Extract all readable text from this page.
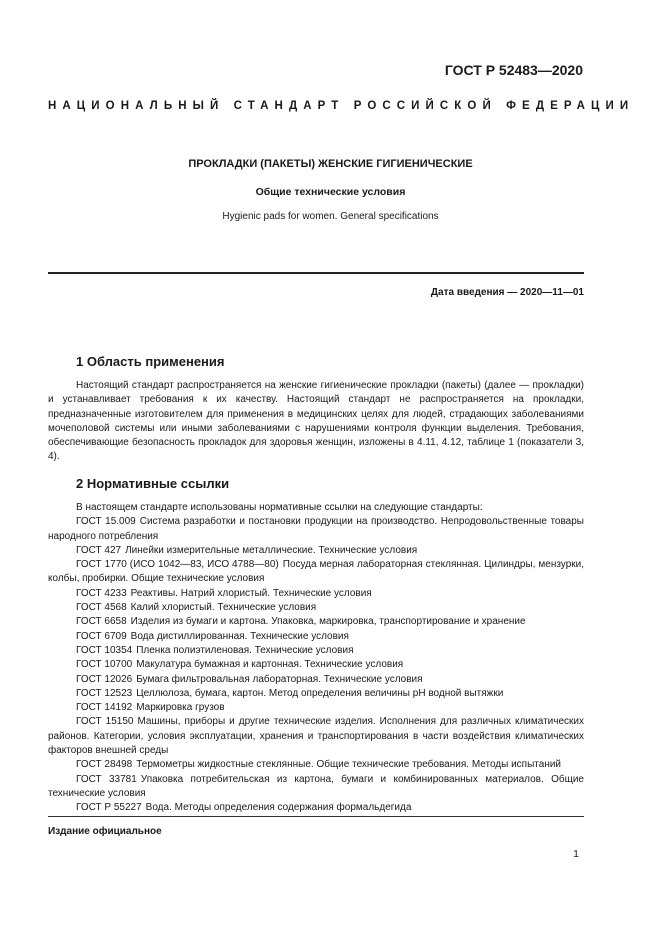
ГОСТ Р 52483—2020
НАЦИОНАЛЬНЫЙ СТАНДАРТ РОССИЙСКОЙ ФЕДЕРАЦИИ
ПРОКЛАДКИ (ПАКЕТЫ) ЖЕНСКИЕ ГИГИЕНИЧЕСКИЕ
Общие технические условия
Hygienic pads for women. General specifications
Дата введения — 2020—11—01
1 Область применения

Настоящий стандарт распространяется на женские гигиенические прокладки (пакеты) (далее — прокладки) и устанавливает требования к их качеству. Настоящий стандарт не распространяется на прокладки, предназначенные изготовителем для применения в медицинских целях для людей, страдающих заболеваниями мочеполовой системы или иными заболеваниями с нарушениями контроля функции выделения. Требования, обеспечивающие безопасность прокладок для здоровья женщин, изложены в 4.11, 4.12, таблице 1 (показатели 3, 4).

2 Нормативные ссылки

В настоящем стандарте использованы нормативные ссылки на следующие стандарты:

ГОСТ 15.009 Система разработки и постановки продукции на производство. Непродовольственные товары народного потребления
ГОСТ 427 Линейки измерительные металлические. Технические условия
ГОСТ 1770 (ИСО 1042—83, ИСО 4788—80) Посуда мерная лабораторная стеклянная. Цилиндры, мензурки, колбы, пробирки. Общие технические условия
ГОСТ 4233 Реактивы. Натрий хлористый. Технические условия
ГОСТ 4568 Калий хлористый. Технические условия
ГОСТ 6658 Изделия из бумаги и картона. Упаковка, маркировка, транспортирование и хранение
ГОСТ 6709 Вода дистиллированная. Технические условия
ГОСТ 10354 Пленка полиэтиленовая. Технические условия
ГОСТ 10700 Макулатура бумажная и картонная. Технические условия
ГОСТ 12026 Бумага фильтровальная лабораторная. Технические условия
ГОСТ 12523 Целлюлоза, бумага, картон. Метод определения величины pH водной вытяжки
ГОСТ 14192 Маркировка грузов
ГОСТ 15150 Машины, приборы и другие технические изделия. Исполнения для различных климатических районов. Категории, условия эксплуатации, хранения и транспортирования в части воздействия климатических факторов внешней среды
ГОСТ 28498 Термометры жидкостные стеклянные. Общие технические требования. Методы испытаний
ГОСТ 33781 Упаковка потребительская из картона, бумаги и комбинированных материалов. Общие технические условия
ГОСТ Р 55227 Вода. Методы определения содержания формальдегида
Издание официальное
1
